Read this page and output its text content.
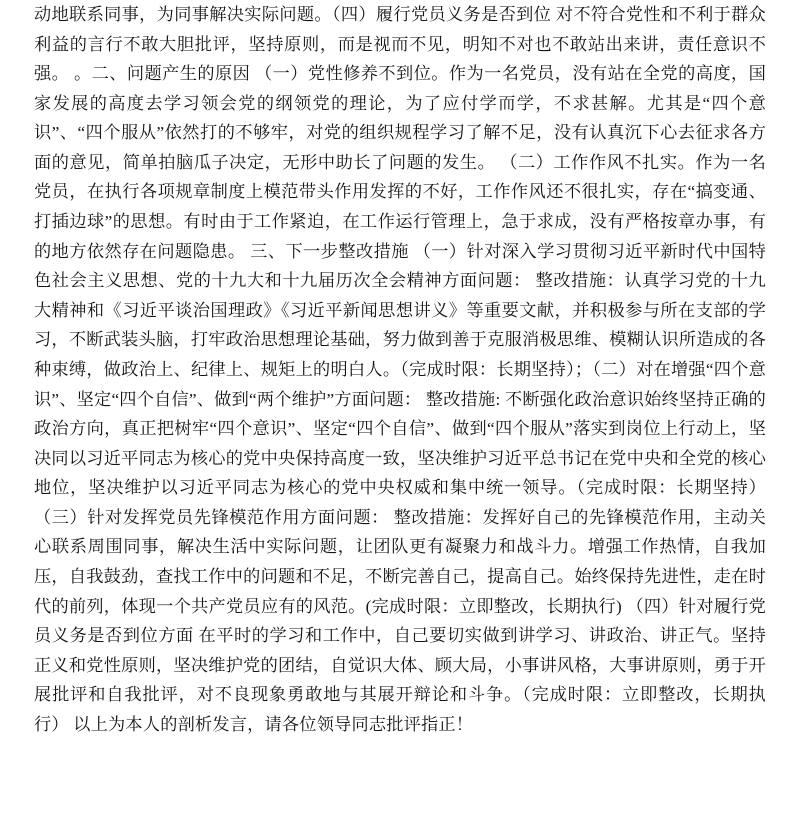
动地联系同事，为同事解决实际问题。（四）履行党员义务是否到位 对不符合党性和不利于群众利益的言行不敢大胆批评，坚持原则，而是视而不见，明知不对也不敢站出来讲，责任意识不强。 。二、问题产生的原因 （一）党性修养不到位。作为一名党员，没有站在全党的高度，国家发展的高度去学习领会党的纲领党的理论，为了应付学而学，不求甚解。尤其是“四个意识”、“四个服从”依然打的不够牢，对党的组织规程学习了解不足，没有认真沉下心去征求各方面的意见，简单拍脑瓜子决定，无形中助长了问题的发生。 （二）工作作风不扎实。作为一名党员，在执行各项规章制度上模范带头作用发挥的不好，工作作风还不很扎实，存在“搞变通、打插边球”的思想。有时由于工作紧迫，在工作运行管理上，急于求成，没有严格按章办事，有的地方依然存在问题隐患。 三、下一步整改措施 （一）针对深入学习贯彻习近平新时代中国特色社会主义思想、党的十九大和十九届历次全会精神方面问题： 整改措施：认真学习党的十九大精神和《习近平谈治国理政》《习近平新闻思想讲义》等重要文献，并积极参与所在支部的学习，不断武装头脑，打牢政治思想理论基础，努力做到善于克服消极思维、模糊认识所造成的各种束缚，做政治上、纪律上、规矩上的明白人。（完成时限：长期坚持）；（二）对在增强“四个意识”、坚定“四个自信”、做到“两个维护”方面问题： 整改措施: 不断强化政治意识始终坚持正确的政治方向，真正把树牢“四个意识”、坚定“四个自信”、做到“四个服从”落实到岗位上行动上，坚决同以习近平同志为核心的党中央保持高度一致，坚决维护习近平总书记在党中央和全党的核心地位，坚决维护以习近平同志为核心的党中央权威和集中统一领导。（完成时限：长期坚持） （三）针对发挥党员先锋模范作用方面问题： 整改措施：发挥好自己的先锋模范作用，主动关心联系周围同事，解决生活中实际问题，让团队更有凝聚力和战斗力。增强工作热情，自我加压，自我鼓劲，查找工作中的问题和不足，不断完善自己，提高自己。始终保持先进性，走在时代的前列，体现一个共产党员应有的风范。(完成时限：立即整改，长期执行) （四）针对履行党员义务是否到位方面 在平时的学习和工作中，自己要切实做到讲学习、讲政治、讲正气。坚持正义和党性原则，坚决维护党的团结，自觉识大体、顾大局，小事讲风格，大事讲原则，勇于开展批评和自我批评，对不良现象勇敢地与其展开辩论和斗争。（完成时限：立即整改，长期执行） 以上为本人的剖析发言，请各位领导同志批评指正！
